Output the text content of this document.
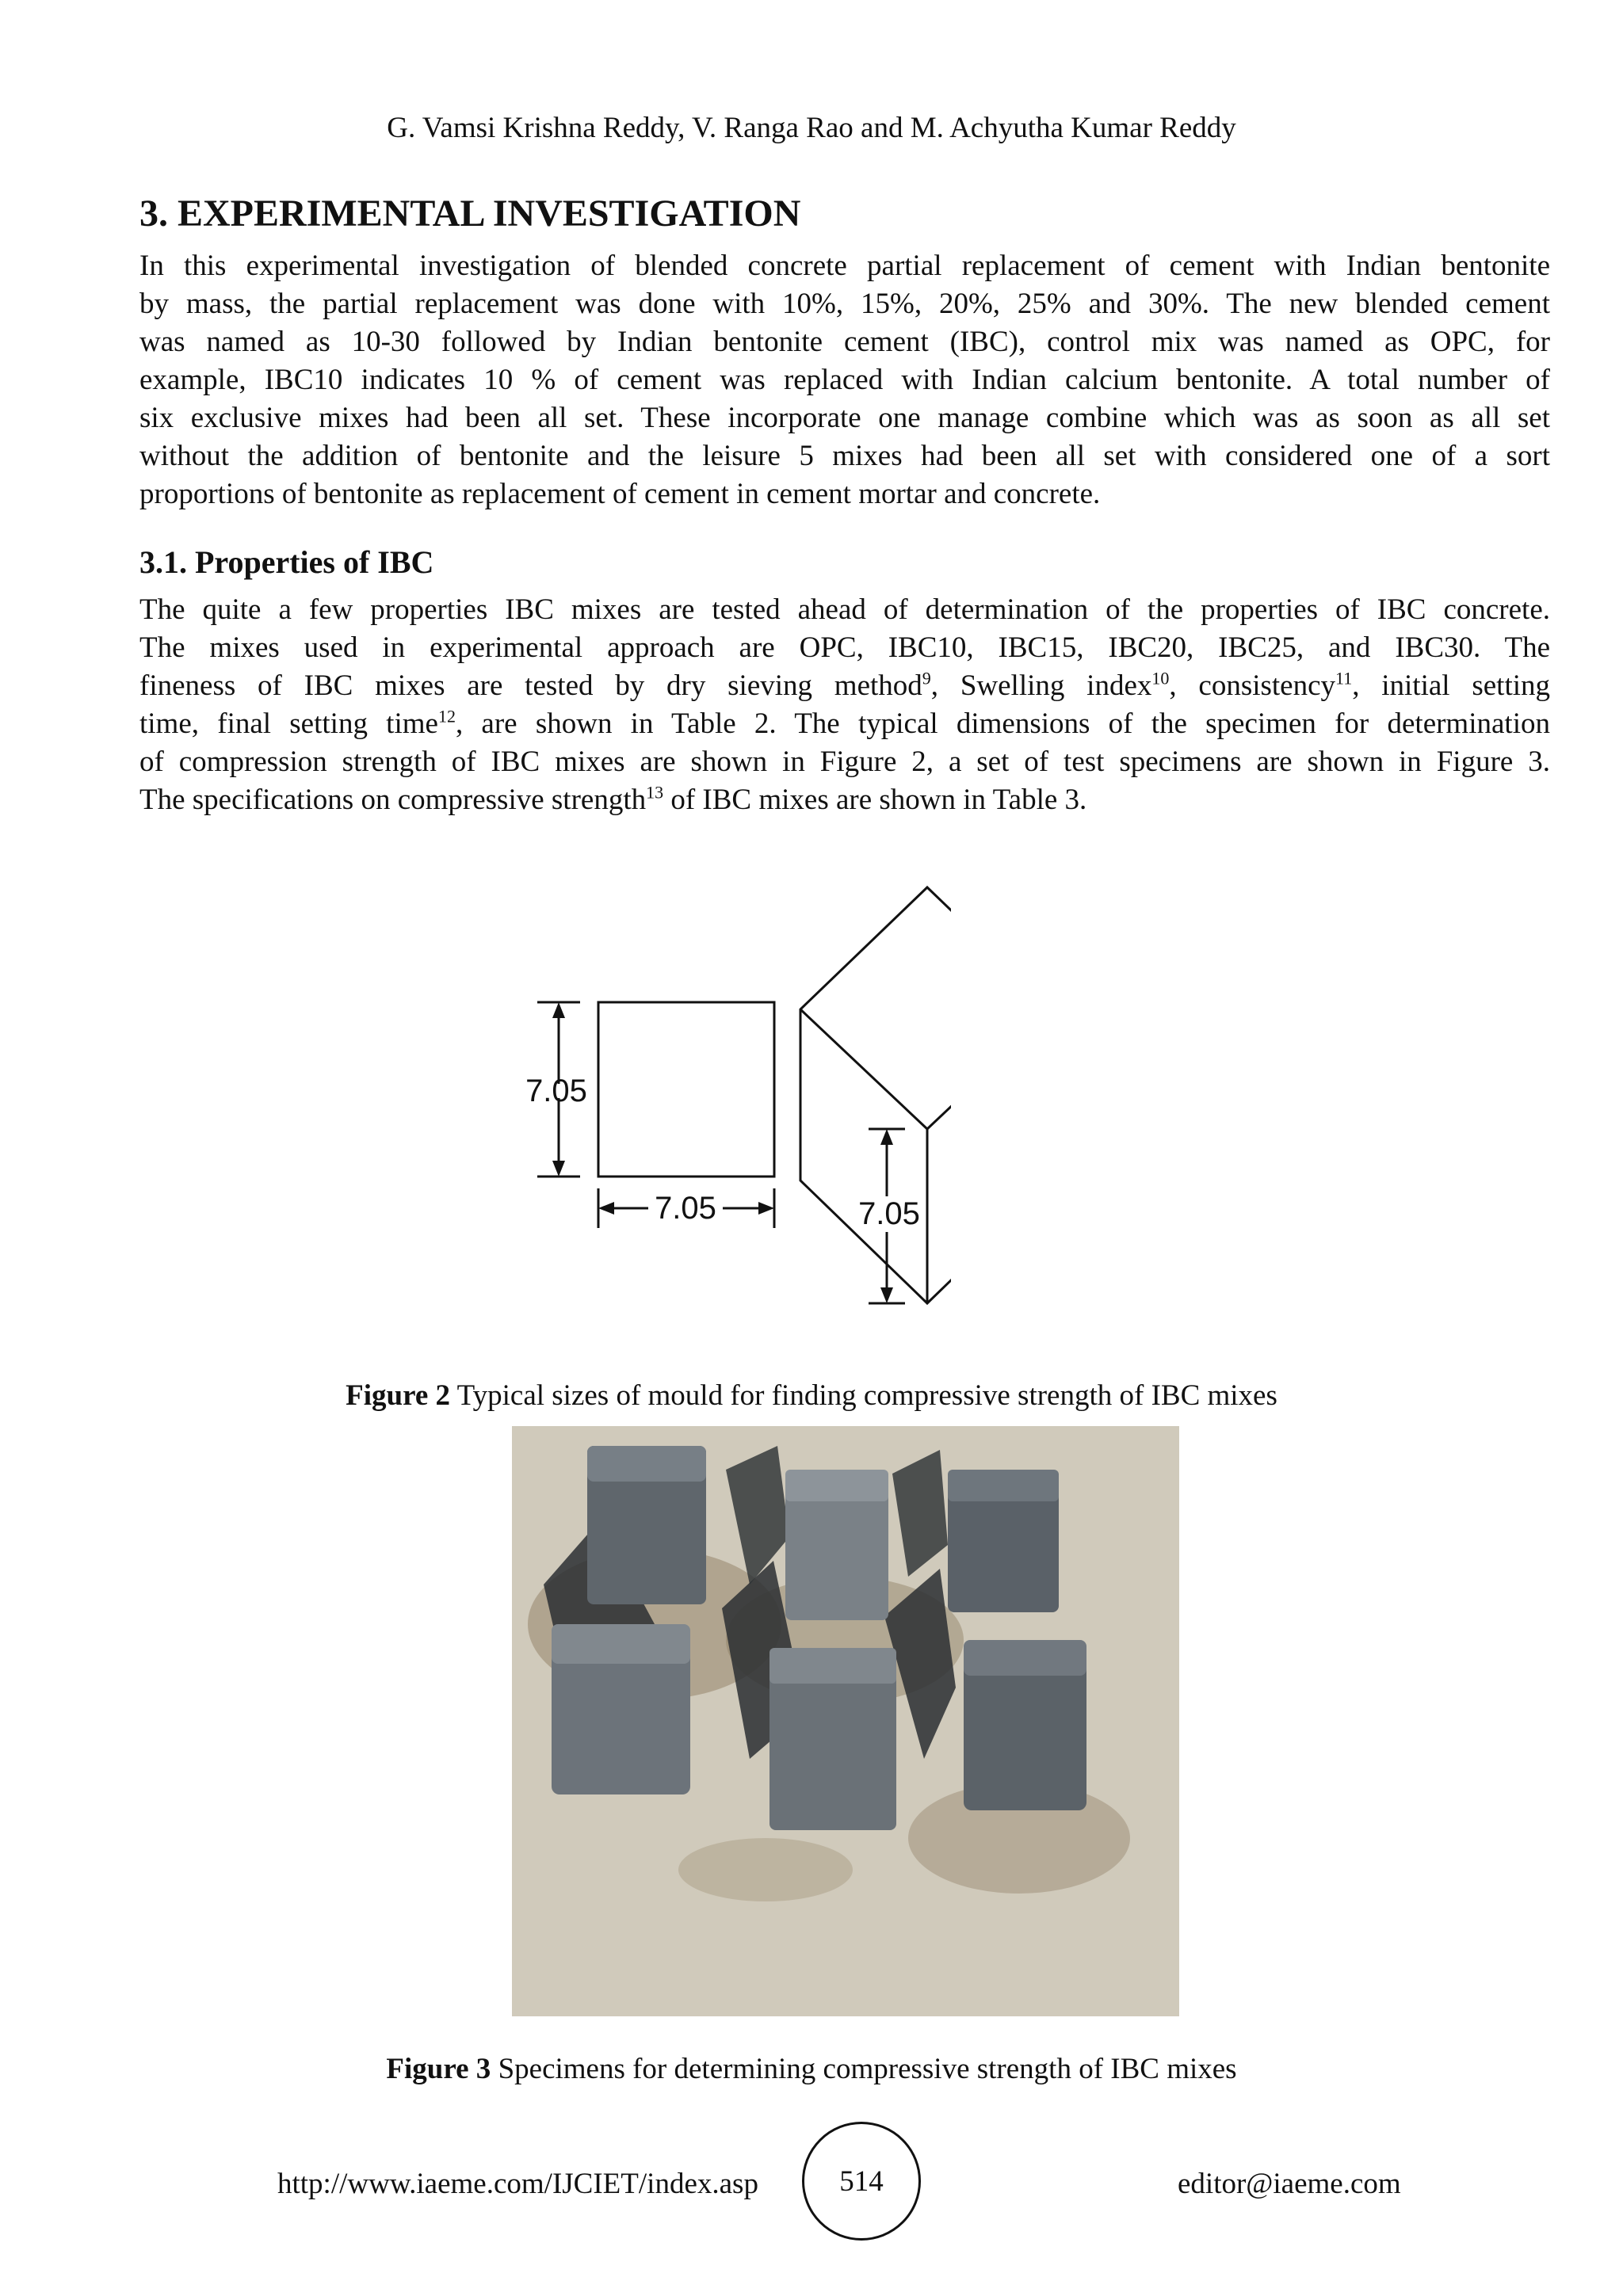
G. Vamsi Krishna Reddy, V. Ranga Rao and M. Achyutha Kumar Reddy
3. EXPERIMENTAL INVESTIGATION
In this experimental investigation of blended concrete partial replacement of cement with Indian bentonite
by mass, the partial replacement was done with 10%, 15%, 20%, 25% and 30%. The new blended cement
was named as 10-30 followed by Indian bentonite cement (IBC), control mix was named as OPC, for
example, IBC10 indicates 10 % of cement was replaced with Indian calcium bentonite. A total number of
six exclusive mixes had been all set. These incorporate one manage combine which was as soon as all set
without the addition of bentonite and the leisure 5 mixes had been all set with considered one of a sort
proportions of bentonite as replacement of cement in cement mortar and concrete.
3.1. Properties of IBC
The quite a few properties IBC mixes are tested ahead of determination of the properties of IBC concrete.
The mixes used in experimental approach are OPC, IBC10, IBC15, IBC20, IBC25, and IBC30. The
fineness of IBC mixes are tested by dry sieving method$^9$, Swelling index$^{10}$, consistency$^{11}$, initial setting
time, final setting time$^{12}$, are shown in Table 2. The typical dimensions of the specimen for determination
of compression strength of IBC mixes are shown in Figure 2, a set of test specimens are shown in Figure 3.
The specifications on compressive strength$^{13}$ of IBC mixes are shown in Table 3.
7.05
7.05	7.05
Figure 2 Typical sizes of mould for finding compressive strength of IBC mixes
Figure 3 Specimens for determining compressive strength of IBC mixes
http://www.iaeme.com/IJCIET/index.asp	514	editor@iaeme.com
